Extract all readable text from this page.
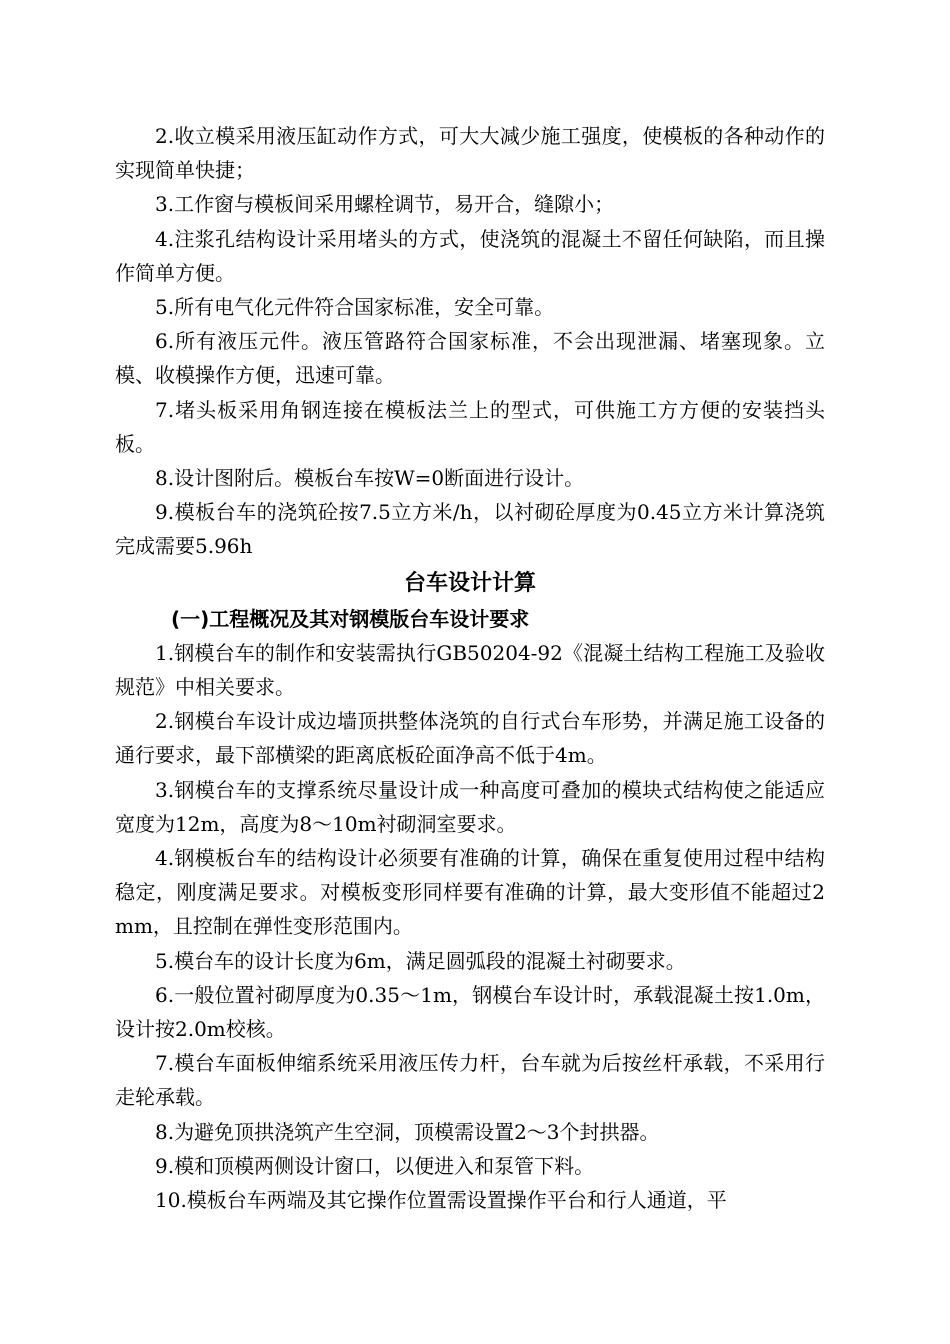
2.收立模采用液压缸动作方式，可大大减少施工强度，使模板的各种动作的实现简单快捷；

3.工作窗与模板间采用螺栓调节，易开合，缝隙小；

4.注浆孔结构设计采用堵头的方式，使浇筑的混凝土不留任何缺陷，而且操作简单方便。

5.所有电气化元件符合国家标准，安全可靠。

6.所有液压元件。液压管路符合国家标准，不会出现泄漏、堵塞现象。立模、收模操作方便，迅速可靠。

7.堵头板采用角钢连接在模板法兰上的型式，可供施工方方便的安装挡头板。

8.设计图附后。模板台车按W=0断面进行设计。

9.模板台车的浇筑砼按7.5立方米/h，以衬砌砼厚度为0.45立方米计算浇筑完成需要5.96h

台车设计计算
(一)工程概况及其对钢模版台车设计要求

1.钢模台车的制作和安装需执行GB50204-92《混凝土结构工程施工及验收规范》中相关要求。

2.钢模台车设计成边墙顶拱整体浇筑的自行式台车形势，并满足施工设备的通行要求，最下部横梁的距离底板砼面净高不低于4m。

3.钢模台车的支撑系统尽量设计成一种高度可叠加的模块式结构使之能适应宽度为12m，高度为8～10m衬砌洞室要求。

4.钢模板台车的结构设计必须要有准确的计算，确保在重复使用过程中结构稳定，刚度满足要求。对模板变形同样要有准确的计算，最大变形值不能超过2mm，且控制在弹性变形范围内。

5.模台车的设计长度为6m，满足圆弧段的混凝土衬砌要求。

6.一般位置衬砌厚度为0.35～1m，钢模台车设计时，承载混凝土按1.0m，设计按2.0m校核。

7.模台车面板伸缩系统采用液压传力杆，台车就为后按丝杆承载，不采用行走轮承载。

8.为避免顶拱浇筑产生空洞，顶模需设置2～3个封拱器。

9.模和顶模两侧设计窗口，以便进入和泵管下料。

10.模板台车两端及其它操作位置需设置操作平台和行人通道，平
